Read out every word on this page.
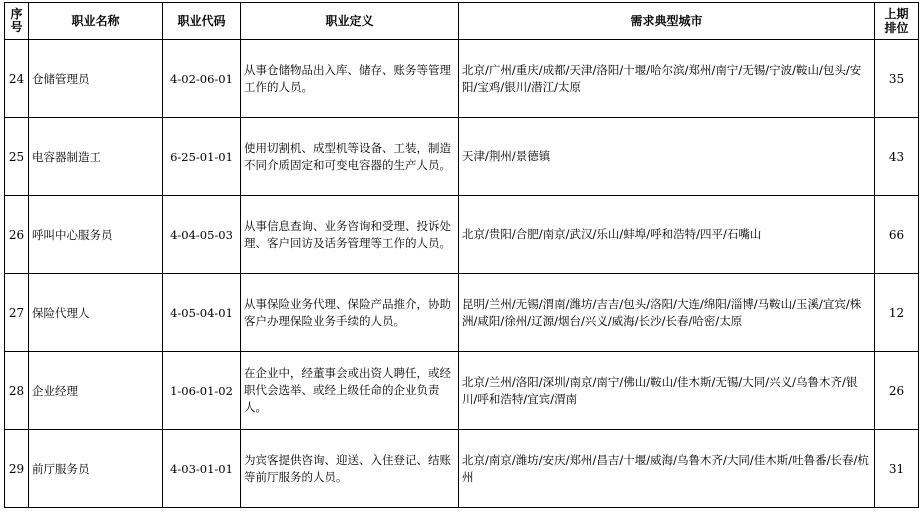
序号	职业名称	职业代码	职业定义	需求典型城市	上期排位
24	仓储管理员	4-02-06-01	从事仓储物品出入库、储存、账务等管理工作的人员。	北京/广州/重庆/成都/天津/洛阳/十堰/哈尔滨/郑州/南宁/无锡/宁波/鞍山/包头/安阳/宝鸡/银川/潜江/太原	35
25	电容器制造工	6-25-01-01	使用切割机、成型机等设备、工装，制造不同介质固定和可变电容器的生产人员。	天津/荆州/景德镇	43
26	呼叫中心服务员	4-04-05-03	从事信息查询、业务咨询和受理、投诉处理、客户回访及话务管理等工作的人员。	北京/贵阳/合肥/南京/武汉/乐山/蚌埠/呼和浩特/四平/石嘴山	66
27	保险代理人	4-05-04-01	从事保险业务代理、保险产品推介，协助客户办理保险业务手续的人员。	昆明/兰州/无锡/渭南/潍坊/吉吉/包头/洛阳/大连/绵阳/淄博/马鞍山/玉溪/宜宾/株洲/咸阳/徐州/辽源/烟台/兴义/威海/长沙/长春/哈密/太原	12
28	企业经理	1-06-01-02	在企业中，经董事会或出资人聘任，或经职代会选举、或经上级任命的企业负责人。	北京/兰州/洛阳/深圳/南京/南宁/佛山/鞍山/佳木斯/无锡/大同/兴义/乌鲁木齐/银川/呼和浩特/宜宾/渭南	26
29	前厅服务员	4-03-01-01	为宾客提供咨询、迎送、入住登记、结账等前厅服务的人员。	北京/南京/潍坊/安庆/郑州/昌吉/十堰/威海/乌鲁木齐/大同/佳木斯/吐鲁番/长春/杭州	31
